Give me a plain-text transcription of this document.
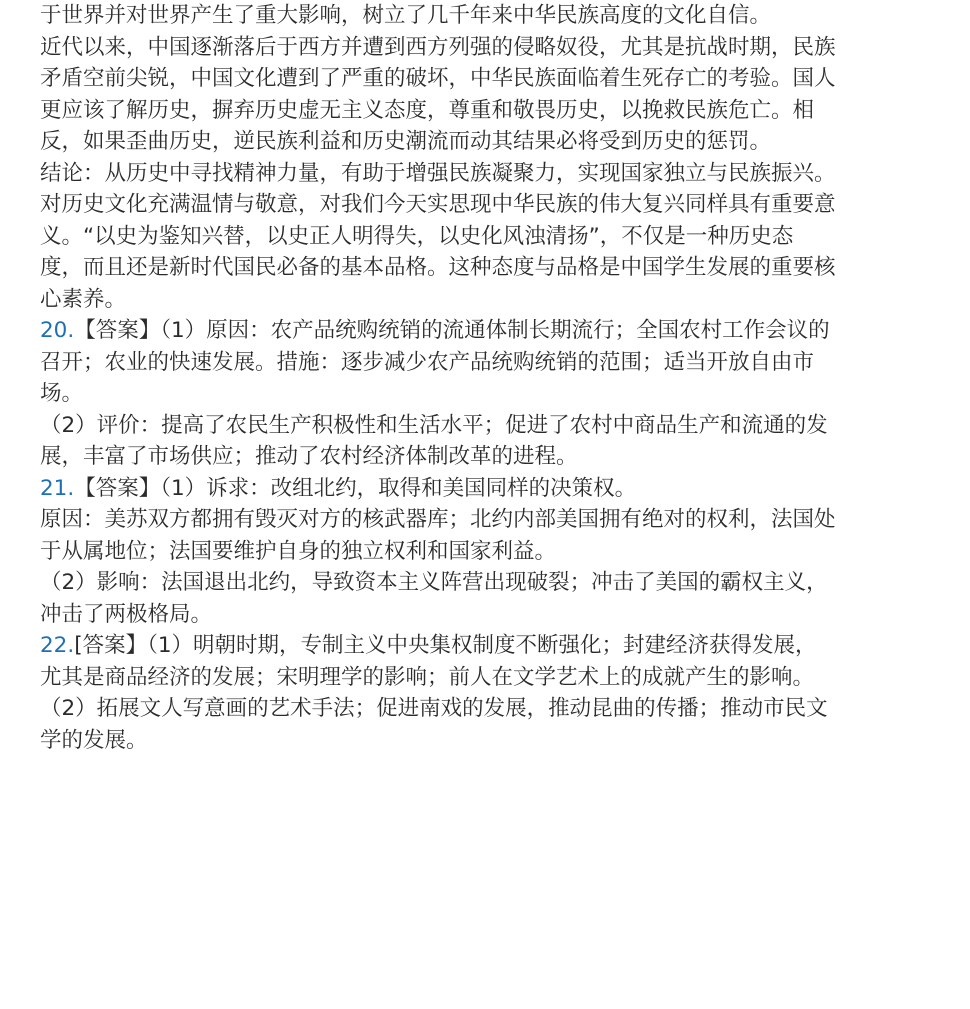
于世界并对世界产生了重大影响，树立了几千年来中华民族高度的文化自信。
近代以来，中国逐渐落后于西方并遭到西方列强的侵略奴役，尤其是抗战时期，民族
矛盾空前尖锐，中国文化遭到了严重的破坏，中华民族面临着生死存亡的考验。国人
更应该了解历史，摒弃历史虚无主义态度，尊重和敬畏历史，以挽救民族危亡。相
反，如果歪曲历史，逆民族利益和历史潮流而动其结果必将受到历史的惩罚。
结论：从历史中寻找精神力量，有助于增强民族凝聚力，实现国家独立与民族振兴。
对历史文化充满温情与敬意，对我们今天实思现中华民族的伟大复兴同样具有重要意
义。“以史为鉴知兴替，以史正人明得失，以史化风浊清扬”，不仅是一种历史态
度，而且还是新时代国民必备的基本品格。这种态度与品格是中国学生发展的重要核
心素养。
20.【答案】（1）原因：农产品统购统销的流通体制长期流行；全国农村工作会议的
召开；农业的快速发展。措施：逐步减少农产品统购统销的范围；适当开放自由市
场。
（2）评价：提高了农民生产积极性和生活水平；促进了农村中商品生产和流通的发
展，丰富了市场供应；推动了农村经济体制改革的进程。
21.【答案】（1）诉求：改组北约，取得和美国同样的决策权。
原因：美苏双方都拥有毁灭对方的核武器库；北约内部美国拥有绝对的权利，法国处
于从属地位；法国要维护自身的独立权利和国家利益。
（2）影响：法国退出北约，导致资本主义阵营出现破裂；冲击了美国的霸权主义，
冲击了两极格局。
22.[答案】（1）明朝时期，专制主义中央集权制度不断强化；封建经济获得发展，
尤其是商品经济的发展；宋明理学的影响；前人在文学艺术上的成就产生的影响。
（2）拓展文人写意画的艺术手法；促进南戏的发展，推动昆曲的传播；推动市民文
学的发展。
